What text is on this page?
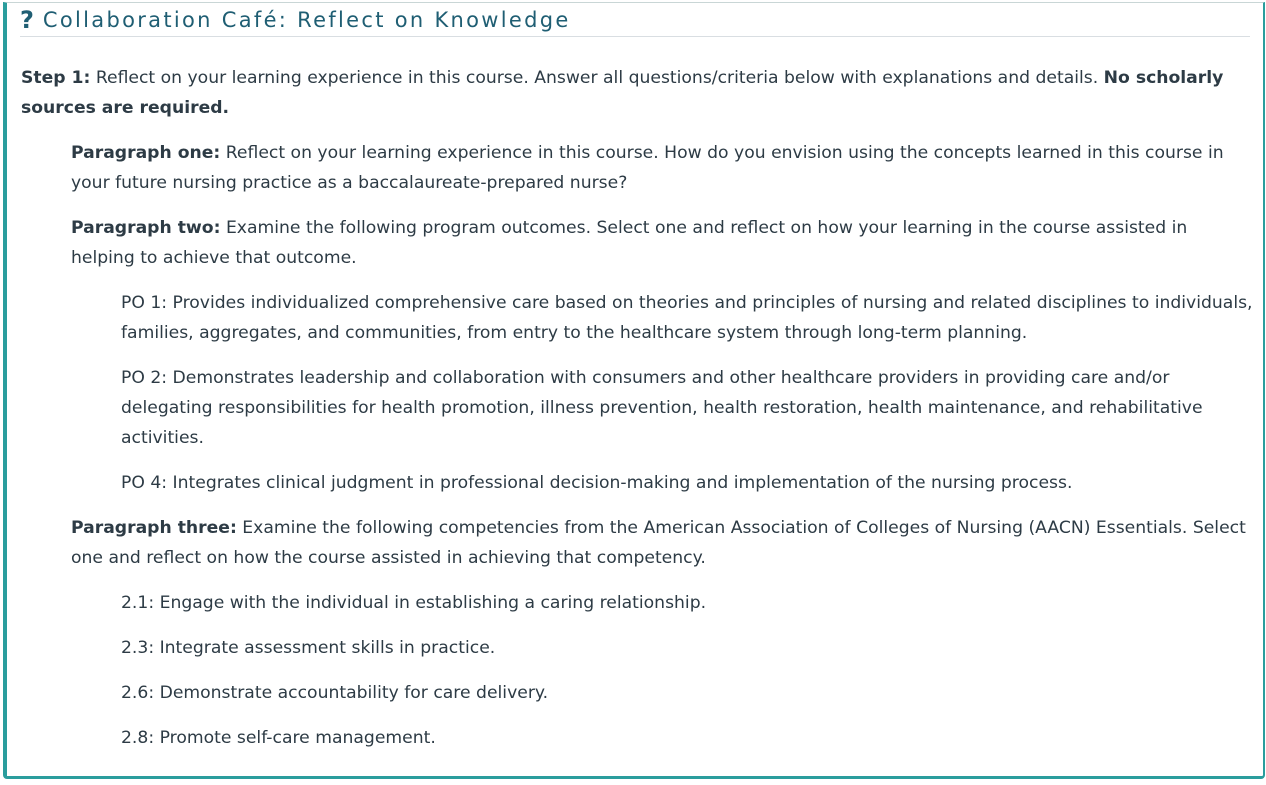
? Collaboration Café: Reflect on Knowledge

Step 1: Reflect on your learning experience in this course. Answer all questions/criteria below with explanations and details. No scholarly sources are required.

Paragraph one: Reflect on your learning experience in this course. How do you envision using the concepts learned in this course in your future nursing practice as a baccalaureate-prepared nurse?

Paragraph two: Examine the following program outcomes. Select one and reflect on how your learning in the course assisted in helping to achieve that outcome.

PO 1: Provides individualized comprehensive care based on theories and principles of nursing and related disciplines to individuals, families, aggregates, and communities, from entry to the healthcare system through long-term planning.

PO 2: Demonstrates leadership and collaboration with consumers and other healthcare providers in providing care and/or delegating responsibilities for health promotion, illness prevention, health restoration, health maintenance, and rehabilitative activities.

PO 4: Integrates clinical judgment in professional decision-making and implementation of the nursing process.

Paragraph three: Examine the following competencies from the American Association of Colleges of Nursing (AACN) Essentials. Select one and reflect on how the course assisted in achieving that competency.

2.1: Engage with the individual in establishing a caring relationship.

2.3: Integrate assessment skills in practice.

2.6: Demonstrate accountability for care delivery.

2.8: Promote self-care management.
